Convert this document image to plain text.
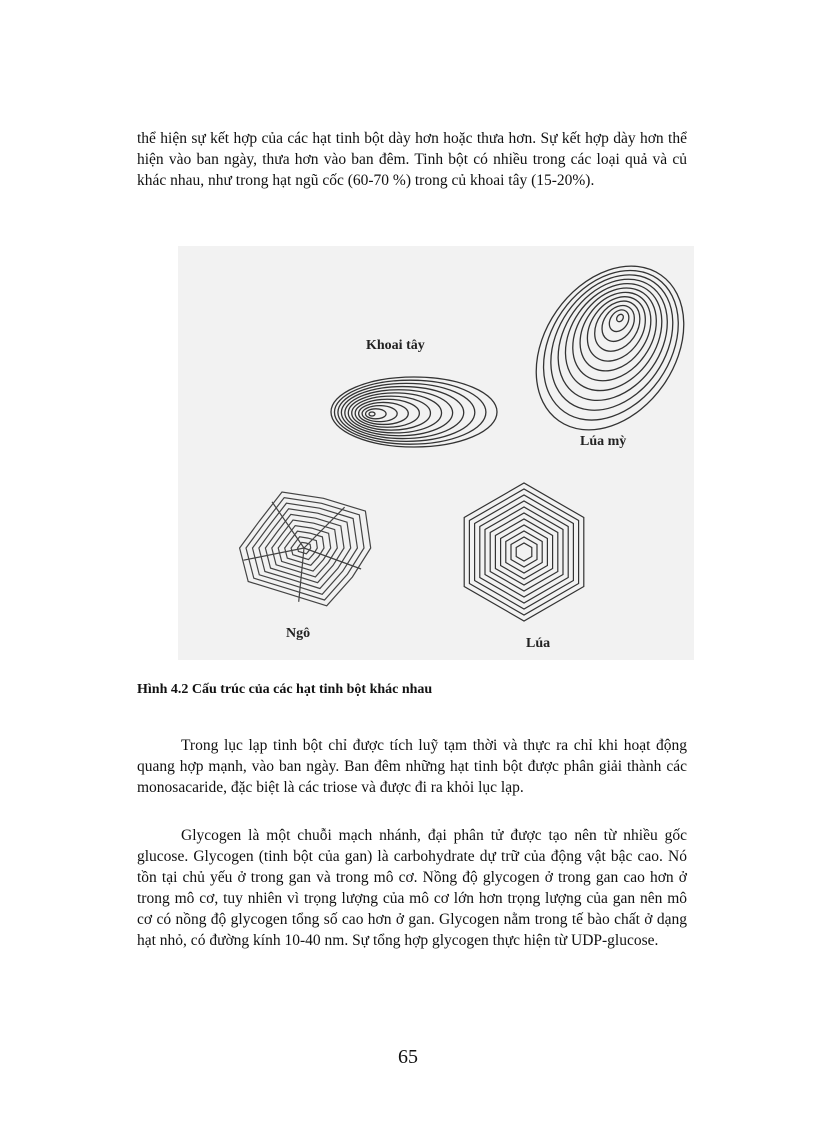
thể hiện sự kết hợp của các hạt tinh bột dày hơn hoặc thưa hơn. Sự kết hợp dày hơn thể hiện vào ban ngày, thưa hơn vào ban đêm. Tinh bột có nhiều trong các loại quả và củ khác nhau, như trong hạt ngũ cốc (60-70 %) trong củ khoai tây (15-20%).

Khoai tây
Lúa mỳ
Ngô
Lúa

Hình 4.2 Cấu trúc của các hạt tinh bột khác nhau

Trong lục lạp tinh bột chỉ được tích luỹ tạm thời và thực ra chỉ khi hoạt động quang hợp mạnh, vào ban ngày. Ban đêm những hạt tinh bột được phân giải thành các monosacaride, đặc biệt là các triose và được đi ra khỏi lục lạp.

Glycogen là một chuỗi mạch nhánh, đại phân tử được tạo nên từ nhiều gốc glucose. Glycogen (tinh bột của gan) là carbohydrate dự trữ của động vật bậc cao. Nó tồn tại chủ yếu ở trong gan và trong mô cơ. Nồng độ glycogen ở trong gan cao hơn ở trong mô cơ, tuy nhiên vì trọng lượng của mô cơ lớn hơn trọng lượng của gan nên mô cơ có nồng độ glycogen tổng số cao hơn ở gan. Glycogen nằm trong tế bào chất ở dạng hạt nhỏ, có đường kính 10-40 nm. Sự tổng hợp glycogen thực hiện từ UDP-glucose.

65
